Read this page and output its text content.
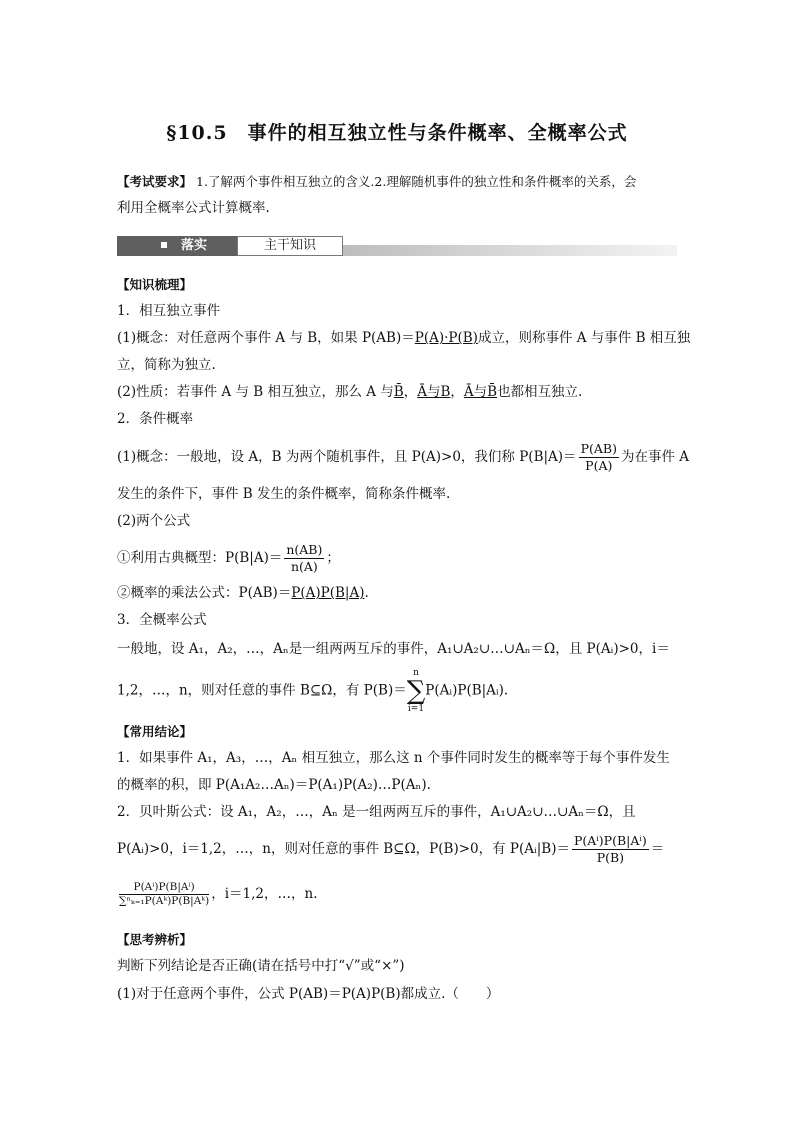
§10.5　事件的相互独立性与条件概率、全概率公式
【考试要求】 1.了解两个事件相互独立的含义.2.理解随机事件的独立性和条件概率的关系，会
利用全概率公式计算概率.
落实	主干知识
【知识梳理】
1．相互独立事件
(1)概念：对任意两个事件 A 与 B，如果 P(AB)＝P(A)·P(B)成立，则称事件 A 与事件 B 相互独
立，简称为独立.
(2)性质：若事件 A 与 B 相互独立，那么 A 与B̄，Ā与B，Ā与B̄也都相互独立.
2．条件概率
(1)概念：一般地，设 A，B 为两个随机事件，且 P(A)>0，我们称 $P(B|A)= \frac{P(AB)}{P(A)}$ 为在事件 A
发生的条件下，事件 B 发生的条件概率，简称条件概率.
(2)两个公式
①利用古典概型：$P(B|A)= \frac{n(AB)}{n(A)}$ ；
②概率的乘法公式：P(AB)＝P(A)P(B|A).
3．全概率公式
一般地，设 A₁，A₂，…，Aₙ是一组两两互斥的事件，A₁∪A₂∪…∪Aₙ＝Ω，且 P(Aᵢ)>0，i＝
1,2，…，n，则对任意的事件 B⊆Ω，有 P(B)＝n
∑
i=1P(Aᵢ)P(B|Aᵢ).
【常用结论】
1．如果事件 A₁，A₃，…，Aₙ 相互独立，那么这 n 个事件同时发生的概率等于每个事件发生
的概率的积，即 P(A₁A₂…Aₙ)＝P(A₁)P(A₂)…P(Aₙ).
2．贝叶斯公式：设 A₁，A₂，…，Aₙ 是一组两两互斥的事件，A₁∪A₂∪…∪Aₙ＝Ω，且
P(Aᵢ)>0，i＝1,2，…，n，则对任意的事件 B⊆Ω，P(B)>0，有 P(Aᵢ|B)＝ $\frac{\text{P(Aⁱ)P(B|Aⁱ)}}{P(B)}$ ＝
$\frac{\text{P(Aⁱ)P(B|Aⁱ)}}{\text{∑ⁿₖ₌₁P(Aᵏ)P(B|Aᵏ)}}$ ，i＝1,2，…，n.
【思考辨析】
判断下列结论是否正确(请在括号中打“√”或“×”)
(1)对于任意两个事件，公式 P(AB)＝P(A)P(B)都成立.（　　）
